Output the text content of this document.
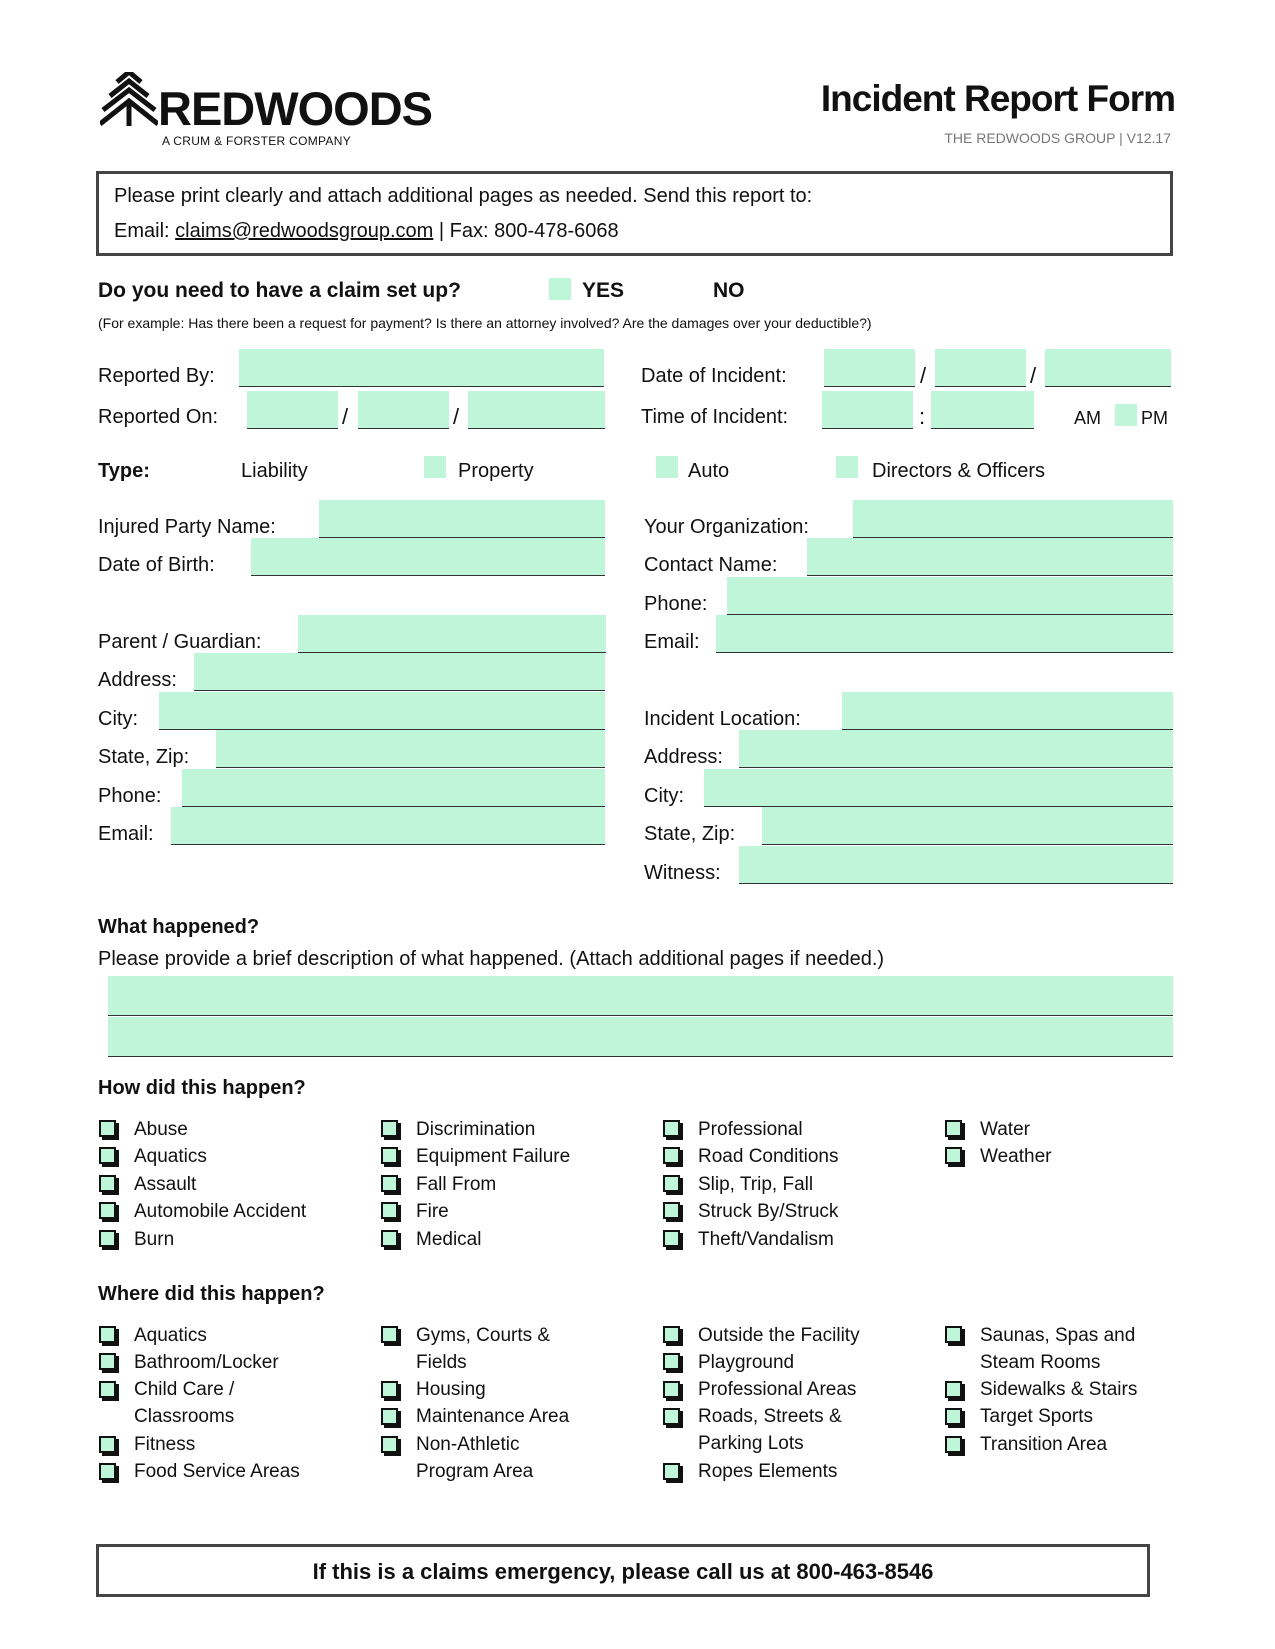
REDWOODS
A CRUM & FORSTER COMPANY
Incident Report Form
THE REDWOODS GROUP | V12.17
Please print clearly and attach additional pages as needed. Send this report to:
Email: claims@redwoodsgroup.com | Fax: 800-478-6068
Do you need to have a claim set up?	YES	NO
(For example: Has there been a request for payment? Is there an attorney involved? Are the damages over your deductible?)
Reported By:	Date of Incident:	/	/
Reported On:	/	/	Time of Incident:	:	AM PM
Type:	Liability	Property	Auto	Directors & Officers
Injured Party Name:
Date of Birth:
Parent / Guardian:
Address:
City:
State, Zip:
Phone:
Email:
Your Organization:
Contact Name:
Phone:
Email:
Incident Location:
Address:
City:
State, Zip:
Witness:
What happened?
Please provide a brief description of what happened. (Attach additional pages if needed.)
How did this happen?
Abuse
Aquatics
Assault
Automobile Accident
Burn
Discrimination
Equipment Failure
Fall From
Fire
Medical
Professional
Road Conditions
Slip, Trip, Fall
Struck By/Struck
Theft/Vandalism
Water
Weather
Where did this happen?
Aquatics
Bathroom/Locker
Child Care / Classrooms
Fitness
Food Service Areas
Gyms, Courts & Fields
Housing
Maintenance Area
Non-Athletic Program Area
Outside the Facility
Playground
Professional Areas
Roads, Streets & Parking Lots
Ropes Elements
Saunas, Spas and Steam Rooms
Sidewalks & Stairs
Target Sports
Transition Area
If this is a claims emergency, please call us at 800-463-8546
